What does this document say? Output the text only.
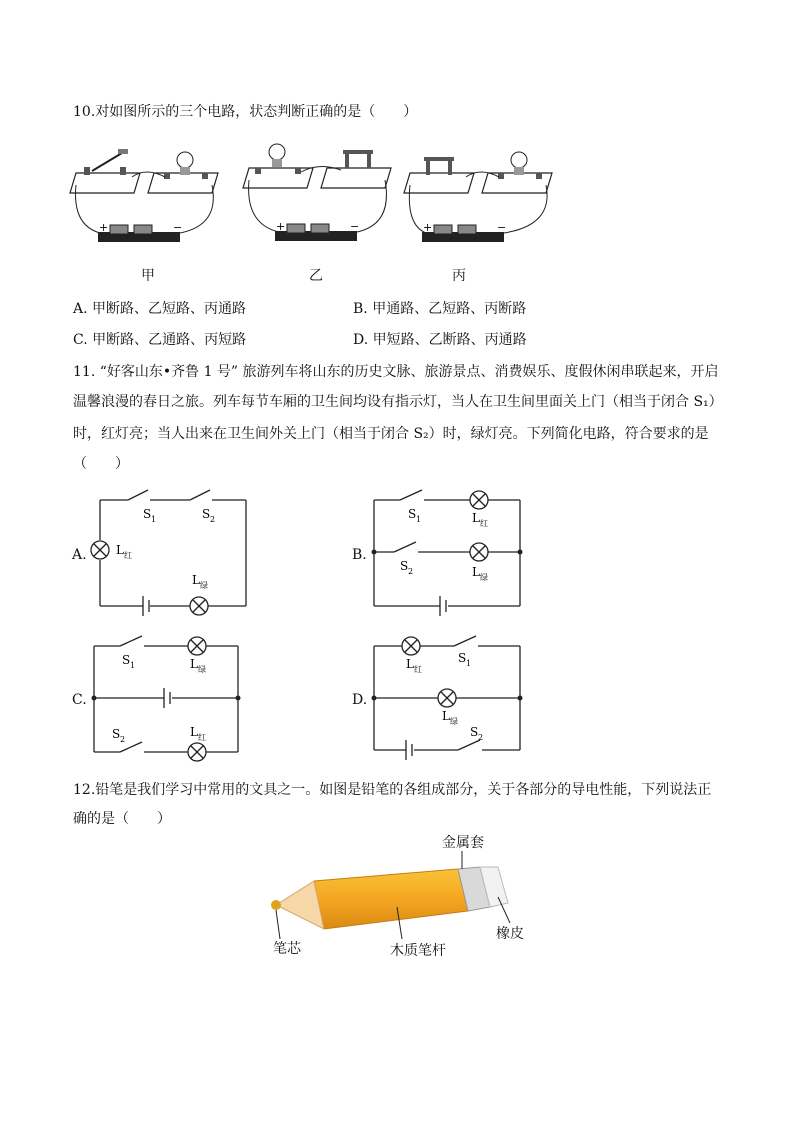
10.对如图所示的三个电路，状态判断正确的是（　　）
+	−	+	−	+	−
甲	乙	丙
A. 甲断路、乙短路、丙通路	B. 甲通路、乙短路、丙断路
C. 甲断路、乙通路、丙短路	D. 甲短路、乙断路、丙通路
11. “好客山东•齐鲁 1 号” 旅游列车将山东的历史文脉、旅游景点、消费娱乐、度假休闲串联起来，开启
温馨浪漫的春日之旅。列车每节车厢的卫生间均设有指示灯，当人在卫生间里面关上门（相当于闭合 S₁）
时，红灯亮；当人出来在卫生间外关上门（相当于闭合 S₂）时，绿灯亮。下列简化电路，符合要求的是
（　　）
A.
S 1	S 2
L 红
L 绿
B.
S 1	L 红
S 2	L 绿
C.
S 1	L 绿
S 2
L 红
D.
L 红
S 1
L 绿
S 2
12.铅笔是我们学习中常用的文具之一。如图是铅笔的各组成部分，关于各部分的导电性能，下列说法正
确的是（　　）
金属套
橡皮
笔芯	木质笔杆
